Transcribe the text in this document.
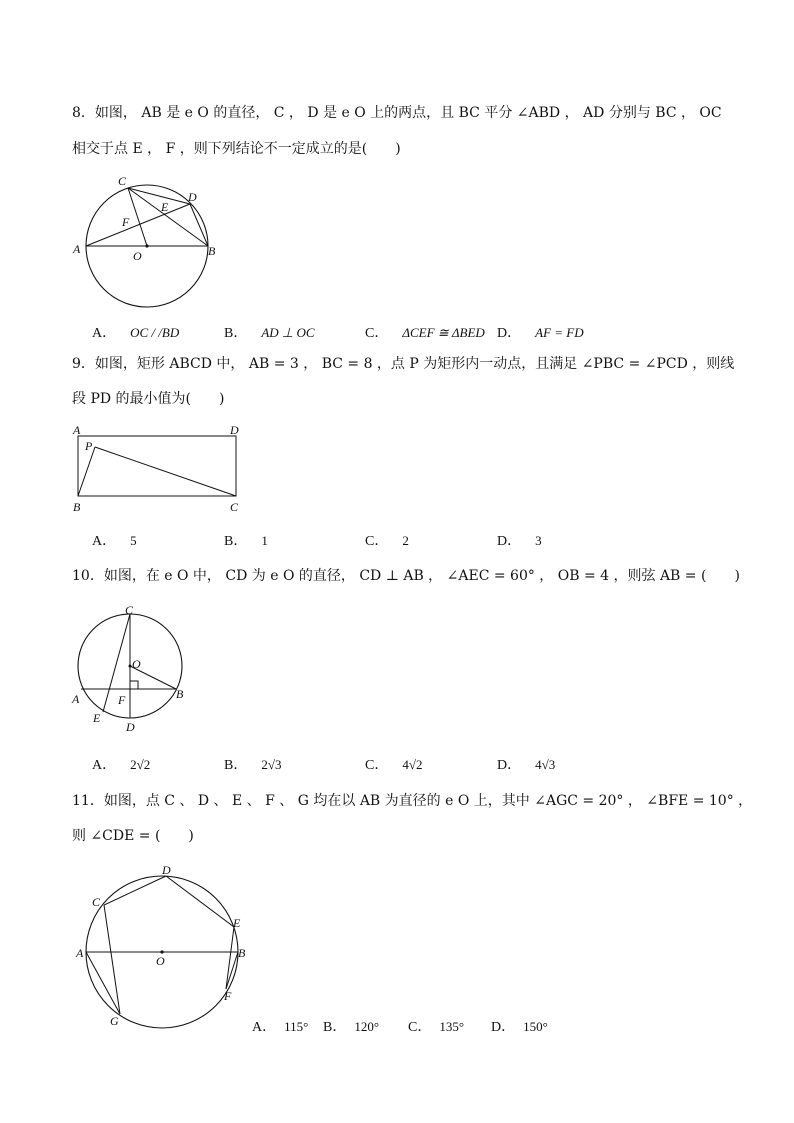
8．如图， AB 是 e O 的直径， C ， D 是 e O 上的两点，且 BC 平分 ∠ABD ， AD 分别与 BC ， OC
相交于点 E ， F ，则下列结论不一定成立的是(　　)
A	B
C
D
E
F
O
A． OC / /BD	B． AD ⊥ OC	C． ΔCEF ≅ ΔBED D． AF = FD
9．如图，矩形 ABCD 中， AB = 3 ， BC = 8 ，点 P 为矩形内一动点，且满足 ∠PBC = ∠PCD ，则线
段 PD 的最小值为(　　)
A	D
B	C
P
A． 5	B． 1	C． 2	D． 3
10．如图，在 e O 中， CD 为 e O 的直径， CD ⊥ AB ， ∠AEC = 60° ， OB = 4 ，则弦 AB = (　　)
C
O
A	B
F
E
D
A． 2√2	B． 2√3	C． 4√2	D． 4√3
11．如图，点 C 、 D 、 E 、 F 、 G 均在以 AB 为直径的 e O 上，其中 ∠AGC = 20° ， ∠BFE = 10° ，
则 ∠CDE = (　　)
A	B
C
D
E
F
G
O
A． 115° B． 120° C． 135° D． 150°
